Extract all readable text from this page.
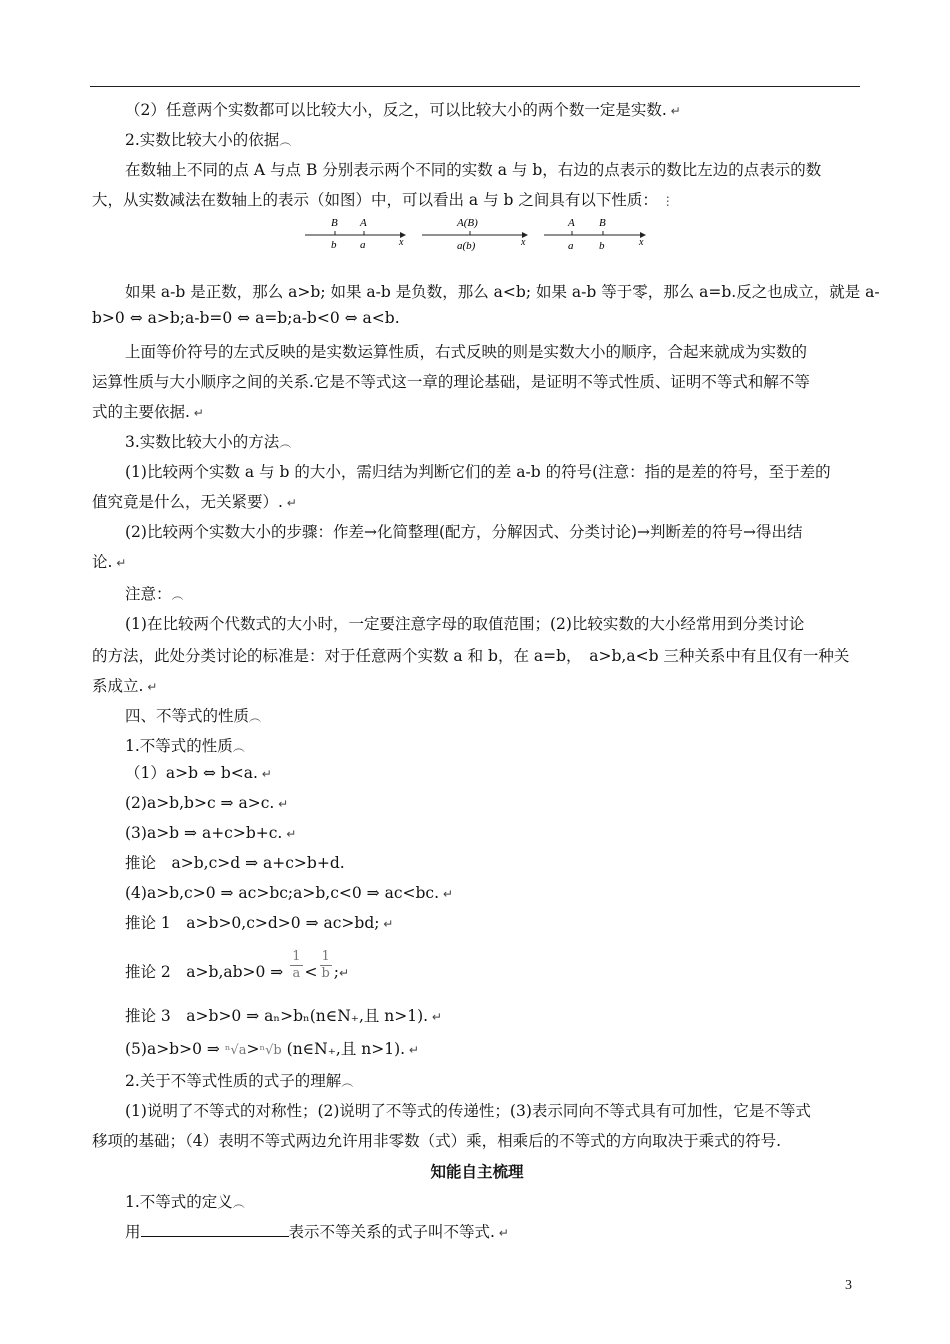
（2）任意两个实数都可以比较大小，反之，可以比较大小的两个数一定是实数. ↵
2.实数比较大小的依据︵
在数轴上不同的点 A 与点 B 分别表示两个不同的实数 a 与 b，右边的点表示的数比左边的点表示的数
大，从实数减法在数轴上的表示（如图）中，可以看出 a 与 b 之间具有以下性质： ⋮
B A
b a	x
A(B)
a(b)	x
A B
a b	x
如果 a-b 是正数，那么 a>b; 如果 a-b 是负数，那么 a<b; 如果 a-b 等于零，那么 a=b.反之也成立，就是 a-
b>0 ⇔ a>b;a-b=0 ⇔ a=b;a-b<0 ⇔ a<b.
上面等价符号的左式反映的是实数运算性质，右式反映的则是实数大小的顺序，合起来就成为实数的
运算性质与大小顺序之间的关系.它是不等式这一章的理论基础，是证明不等式性质、证明不等式和解不等
式的主要依据. ↵
3.实数比较大小的方法︵
(1)比较两个实数 a 与 b 的大小，需归结为判断它们的差 a-b 的符号(注意：指的是差的符号，至于差的
值究竟是什么，无关紧要）. ↵
(2)比较两个实数大小的步骤：作差→化简整理(配方，分解因式、分类讨论)→判断差的符号→得出结
论. ↵
注意：︵
(1)在比较两个代数式的大小时，一定要注意字母的取值范围；(2)比较实数的大小经常用到分类讨论
的方法，此处分类讨论的标准是：对于任意两个实数 a 和 b，在 a=b，　a>b,a<b 三种关系中有且仅有一种关
系成立. ↵
四、不等式的性质︵
1.不等式的性质︵
（1）a>b ⇔ b<a. ↵
(2)a>b,b>c ⇒ a>c. ↵
(3)a>b ⇒ a+c>b+c. ↵
推论　a>b,c>d ⇒ a+c>b+d.
(4)a>b,c>0 ⇒ ac>bc;a>b,c<0 ⇒ ac<bc. ↵
推论 1　a>b>0,c>d>0 ⇒ ac>bd; ↵
推论 2　a>b,ab>0 ⇒ $\frac{1}{a} < \frac{1}{b}$ ;↵
推论 3　a>b>0 ⇒ aₙ>bₙ(n∈N₊,且 n>1). ↵
(5)a>b>0 ⇒ ⁿ√a>ⁿ√b (n∈N₊,且 n>1). ↵
2.关于不等式性质的式子的理解︵
(1)说明了不等式的对称性；(2)说明了不等式的传递性；(3)表示同向不等式具有可加性，它是不等式
移项的基础；（4）表明不等式两边允许用非零数（式）乘，相乘后的不等式的方向取决于乘式的符号.
知能自主梳理
1.不等式的定义︵
用	表示不等关系的式子叫不等式. ↵
3
